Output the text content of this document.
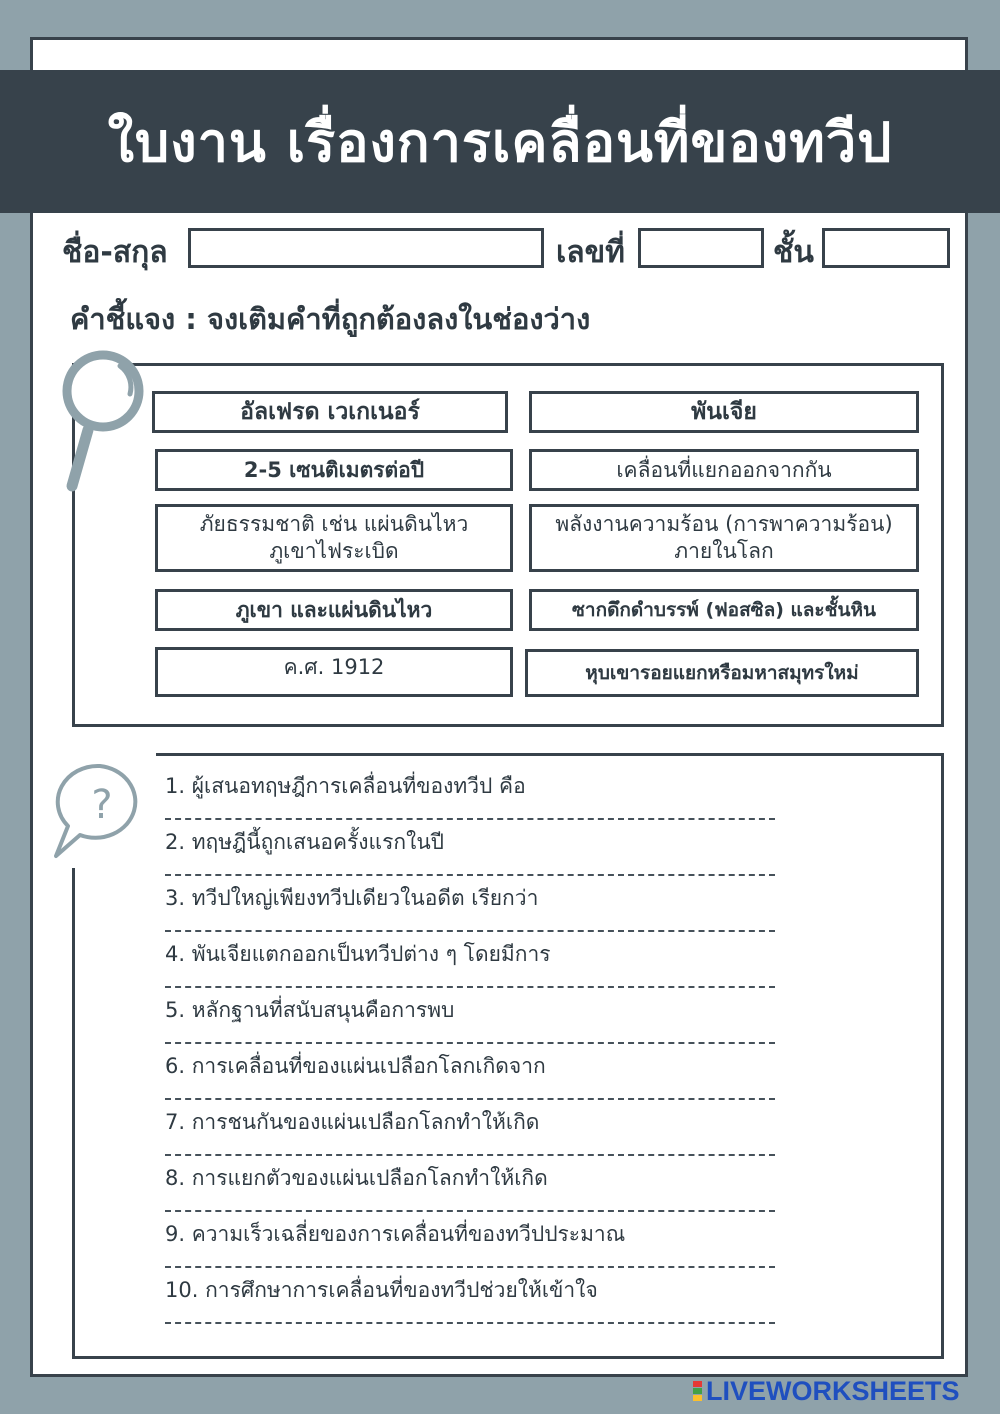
ใบงาน เรื่องการเคลื่อนที่ของทวีป
ชื่อ-สกุล	เลขที่	ชั้น
คำชี้แจง : จงเติมคำที่ถูกต้องลงในช่องว่าง
อัลเฟรด เวเกเนอร์	พันเจีย
2-5 เซนติเมตรต่อปี	เคลื่อนที่แยกออกจากกัน
ภัยธรรมชาติ เช่น แผ่นดินไหว ภูเขาไฟระเบิด
พลังงานความร้อน (การพาความร้อน) ภายในโลก
ภูเขา และแผ่นดินไหว	ซากดึกดำบรรพ์ (ฟอสซิล) และชั้นหิน
ค.ศ. 1912	หุบเขารอยแยกหรือมหาสมุทรใหม่
? 1. ผู้เสนอทฤษฎีการเคลื่อนที่ของทวีป คือ
2. ทฤษฎีนี้ถูกเสนอครั้งแรกในปี
3. ทวีปใหญ่เพียงทวีปเดียวในอดีต เรียกว่า
4. พันเจียแตกออกเป็นทวีปต่าง ๆ โดยมีการ
5. หลักฐานที่สนับสนุนคือการพบ
6. การเคลื่อนที่ของแผ่นเปลือกโลกเกิดจาก
7. การชนกันของแผ่นเปลือกโลกทำให้เกิด
8. การแยกตัวของแผ่นเปลือกโลกทำให้เกิด
9. ความเร็วเฉลี่ยของการเคลื่อนที่ของทวีปประมาณ
10. การศึกษาการเคลื่อนที่ของทวีปช่วยให้เข้าใจ
LIVEWORKSHEETS
